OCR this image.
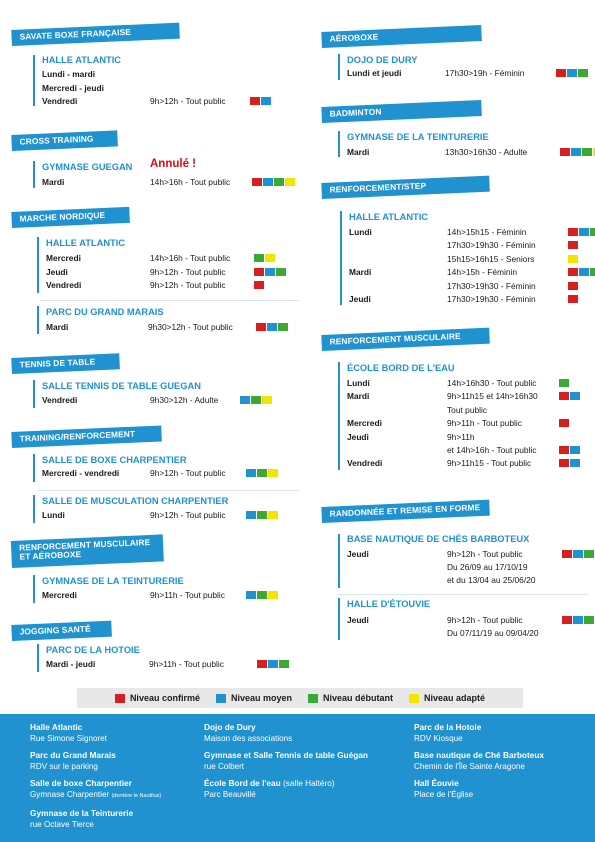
SAVATE BOXE FRANÇAISE
HALLE ATLANTIC
Lundi - mardi
Mercredi - jeudi
Vendredi	9h>12h - Tout public
CROSS TRAINING
GYMNASE GUEGAN Annulé !
Mardi	14h>16h - Tout public
MARCHE NORDIQUE
HALLE ATLANTIC
Mercredi	14h>16h - Tout public
Jeudi	9h>12h - Tout public
Vendredi	9h>12h - Tout public
PARC DU GRAND MARAIS
Mardi	9h30>12h - Tout public
TENNIS DE TABLE
SALLE TENNIS DE TABLE GUEGAN
Vendredi	9h30>12h - Adulte
TRAINING/RENFORCEMENT
SALLE DE BOXE CHARPENTIER
Mercredi - vendredi	9h>12h - Tout public
SALLE DE MUSCULATION CHARPENTIER
Lundi	9h>12h - Tout public
RENFORCEMENT MUSCULAIRE ET AÉROBOXE
GYMNASE DE LA TEINTURERIE
Mercredi	9h>11h - Tout public
JOGGING SANTÉ
PARC DE LA HOTOIE
Mardi - jeudi	9h>11h - Tout public
AÉROBOXE
DOJO DE DURY
Lundi et jeudi	17h30>19h - Féminin
BADMINTON
GYMNASE DE LA TEINTURERIE
Mardi	13h30>16h30 - Adulte
RENFORCEMENT/STEP
HALLE ATLANTIC
Lundi	14h>15h15 - Féminin
17h30>19h30 - Féminin
15h15>16h15 - Seniors
Mardi	14h>15h - Féminin
17h30>19h30 - Féminin
Jeudi	17h30>19h30 - Féminin
RENFORCEMENT MUSCULAIRE
ÉCOLE BORD DE L'EAU
Lundi	14h>16h30 - Tout public
Mardi	9h>11h15 et 14h>16h30
Tout public
Mercredi	9h>11h - Tout public
Jeudi	9h>11h
et 14h>16h - Tout public
Vendredi	9h>11h15 - Tout public
RANDONNÉE ET REMISE EN FORME
BASE NAUTIQUE DE CHÈS BARBOTEUX
Jeudi	9h>12h - Tout public
Du 26/09 au 17/10/19
et du 13/04 au 25/06/20
HALLE D'ÉTOUVIE
Jeudi	9h>12h - Tout public
Du 07/11/19 au 09/04/20
Niveau confirmé	Niveau moyen	Niveau débutant	Niveau adapté
Halle Atlantic
Rue Simone Signoret
Parc du Grand Marais
RDV sur le parking
Salle de boxe Charpentier
Gymnase Charpentier (derrière le Nautilus)
Gymnase de la Teinturerie
rue Octave Tierce
Dojo de Dury
Maison des associations
Gymnase et Salle Tennis de table Guégan
rue Colbert
École Bord de l'eau (salle Haltéro)
Parc Beauvillé
Parc de la Hotoie
RDV Kiosque
Base nautique de Ché Barboteux
Chemin de l'Île Sainte Aragone
Hall Éouvie
Place de l'Église
